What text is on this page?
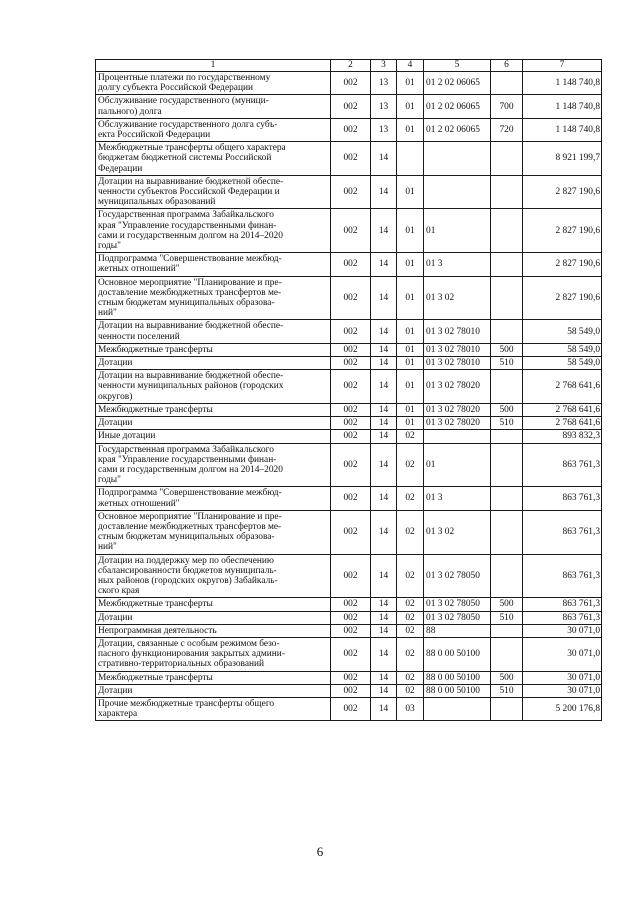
1	2	3	4	5	6	7
Процентные платежи по государственному
долгу субъекта Российской Федерации	002	13	01	01 2 02 06065		1 148 740,8
Обслуживание государственного (муници-
пального) долга	002	13	01	01 2 02 06065	700	1 148 740,8
Обслуживание государственного долга субъ-
екта Российской Федерации	002	13	01	01 2 02 06065	720	1 148 740,8
Межбюджетные трансферты общего характера
бюджетам бюджетной системы Российской
Федерации	002	14				8 921 199,7
Дотации на выравнивание бюджетной обеспе-
ченности субъектов Российской Федерации и
муниципальных образований	002	14	01			2 827 190,6
Государственная программа Забайкальского
края "Управление государственными финан-
сами и государственным долгом на 2014–2020
годы"	002	14	01	01		2 827 190,6
Подпрограмма "Совершенствование межбюд-
жетных отношений"	002	14	01	01 3		2 827 190,6
Основное мероприятие "Планирование и пре-
доставление межбюджетных трансфертов ме-
стным бюджетам муниципальных образова-
ний"	002	14	01	01 3 02		2 827 190,6
Дотации на выравнивание бюджетной обеспе-
ченности поселений	002	14	01	01 3 02 78010		58 549,0
Межбюджетные трансферты	002	14	01	01 3 02 78010	500	58 549,0
Дотации	002	14	01	01 3 02 78010	510	58 549,0
Дотации на выравнивание бюджетной обеспе-
ченности муниципальных районов (городских
округов)	002	14	01	01 3 02 78020		2 768 641,6
Межбюджетные трансферты	002	14	01	01 3 02 78020	500	2 768 641,6
Дотации	002	14	01	01 3 02 78020	510	2 768 641,6
Иные дотации	002	14	02			893 832,3
Государственная программа Забайкальского
края "Управление государственными финан-
сами и государственным долгом на 2014–2020
годы"	002	14	02	01		863 761,3
Подпрограмма "Совершенствование межбюд-
жетных отношений"	002	14	02	01 3		863 761,3
Основное мероприятие "Планирование и пре-
доставление межбюджетных трансфертов ме-
стным бюджетам муниципальных образова-
ний"	002	14	02	01 3 02		863 761,3
Дотации на поддержку мер по обеспечению
сбалансированности бюджетов муниципаль-
ных районов (городских округов) Забайкаль-
ского края	002	14	02	01 3 02 78050		863 761,3
Межбюджетные трансферты	002	14	02	01 3 02 78050	500	863 761,3
Дотации	002	14	02	01 3 02 78050	510	863 761,3
Непрограммная деятельность	002	14	02	88		30 071,0
Дотации, связанные с особым режимом безо-
пасного функционирования закрытых админи-
стративно-территориальных образований	002	14	02	88 0 00 50100		30 071,0
Межбюджетные трансферты	002	14	02	88 0 00 50100	500	30 071,0
Дотации	002	14	02	88 0 00 50100	510	30 071,0
Прочие межбюджетные трансферты общего
характера	002	14	03			5 200 176,8
6
